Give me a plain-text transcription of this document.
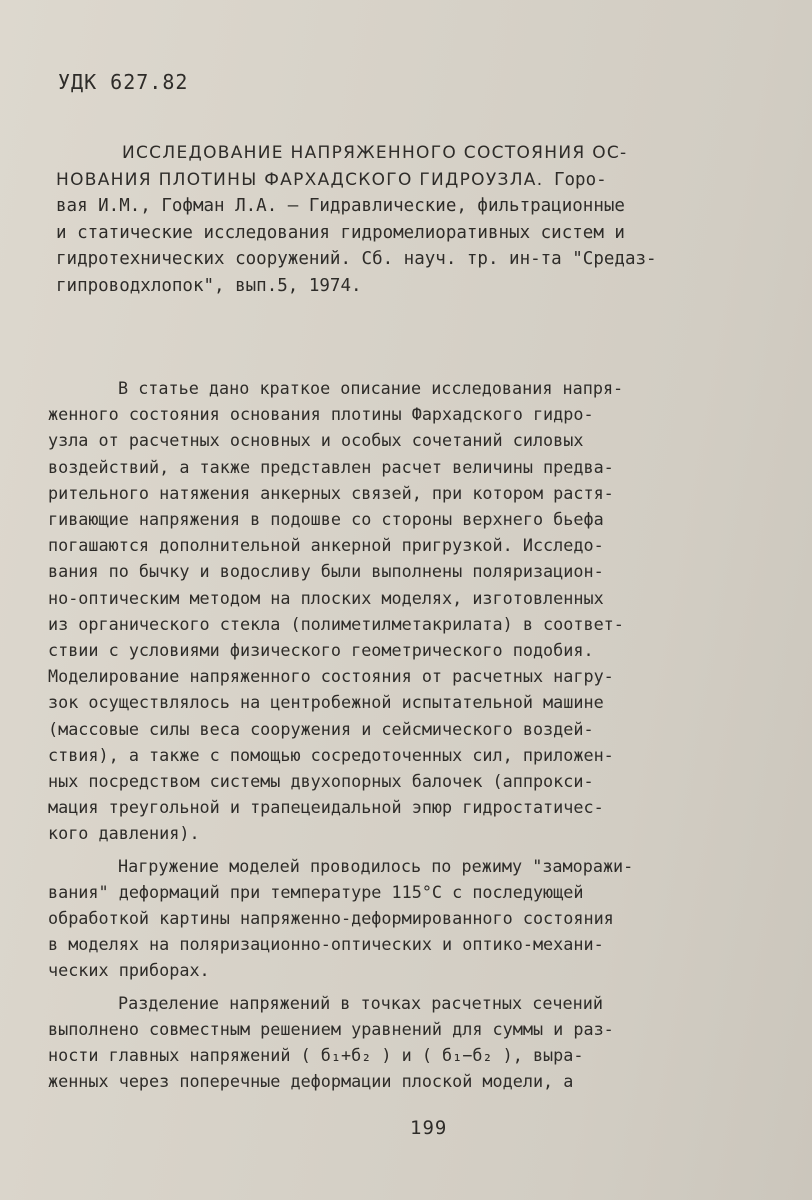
УДК 627.82
ИССЛЕДОВАНИЕ НАПРЯЖЕННОГО СОСТОЯНИЯ ОС-
НОВАНИЯ ПЛОТИНЫ ФАРХАДСКОГО ГИДРОУЗЛА. Горо-
вая И.М., Гофман Л.А. – Гидравлические, фильтрационные
и статические исследования гидромелиоративных систем и
гидротехнических сооружений. Сб. науч. тр. ин-та "Средаз-
гипроводхлопок", вып.5, 1974.
В статье дано краткое описание исследования напря-
женного состояния основания плотины Фархадского гидро-
узла от расчетных основных и особых сочетаний силовых
воздействий, а также представлен расчет величины предва-
рительного натяжения анкерных связей, при котором растя-
гивающие напряжения в подошве со стороны верхнего бьефа
погашаются дополнительной анкерной пригрузкой. Исследо-
вания по бычку и водосливу были выполнены поляризацион-
но-оптическим методом на плоских моделях, изготовленных
из органического стекла (полиметилметакрилата) в соответ-
ствии с условиями физического геометрического подобия.
Моделирование напряженного состояния от расчетных нагру-
зок осуществлялось на центробежной испытательной машине
(массовые силы веса сооружения и сейсмического воздей-
ствия), а также с помощью сосредоточенных сил, приложен-
ных посредством системы двухопорных балочек (аппрокси-
мация треугольной и трапецеидальной эпюр гидростатичес-
кого давления).
Нагружение моделей проводилось по режиму "заморажи-
вания" деформаций при температуре 115°С с последующей
обработкой картины напряженно-деформированного состояния
в моделях на поляризационно-оптических и оптико-механи-
ческих приборах.
Разделение напряжений в точках расчетных сечений
выполнено совместным решением уравнений для суммы и раз-
ности главных напряжений ( б₁+б₂ ) и ( б₁−б₂ ), выра-
женных через поперечные деформации плоской модели, а
199
